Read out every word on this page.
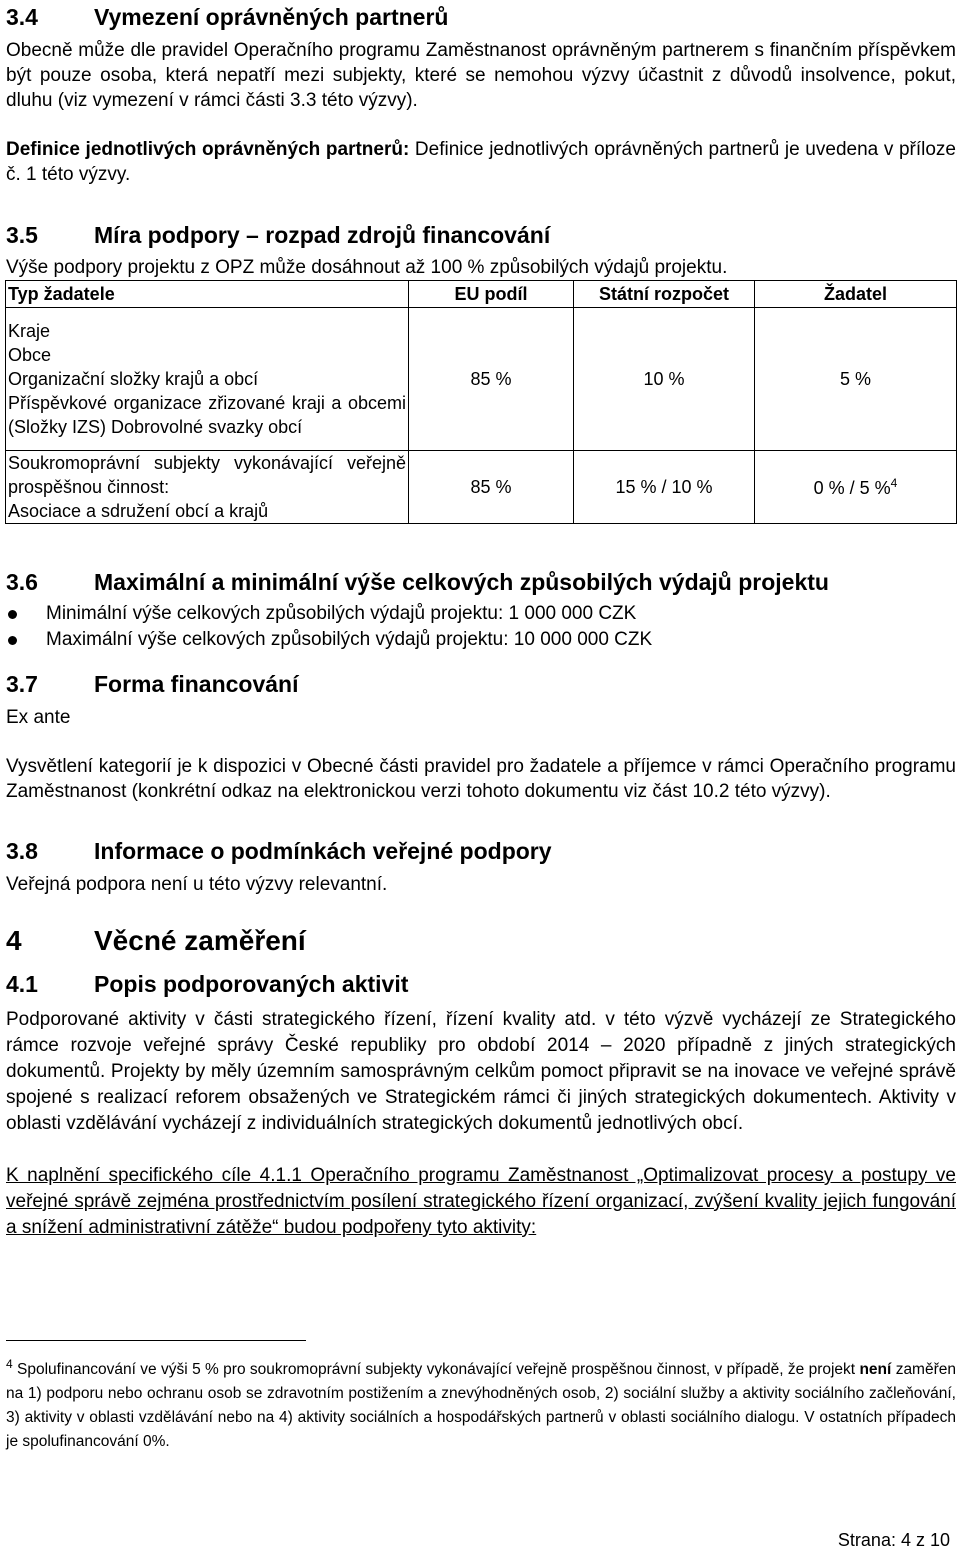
3.4 Vymezení oprávněných partnerů

Obecně může dle pravidel Operačního programu Zaměstnanost oprávněným partnerem s finančním příspěvkem být pouze osoba, která nepatří mezi subjekty, které se nemohou výzvy účastnit z důvodů insolvence, pokut, dluhu (viz vymezení v rámci části 3.3 této výzvy).

Definice jednotlivých oprávněných partnerů: Definice jednotlivých oprávněných partnerů je uvedena v příloze č. 1 této výzvy.

3.5 Míra podpory – rozpad zdrojů financování

Výše podpory projektu z OPZ může dosáhnout až 100 % způsobilých výdajů projektu.

Typ žadatele	EU podíl	Státní rozpočet	Žadatel

Kraje
Obce
Organizační složky krajů a obcí
Příspěvkové organizace zřizované kraji a obcemi (Složky IZS) Dobrovolné svazky obcí	85 %	10 %	5 %

Soukromoprávní subjekty vykonávající veřejně prospěšnou činnost:
Asociace a sdružení obcí a krajů	85 %	15 % / 10 %	0 % / 5 %$^4$
3.6 Maximální a minimální výše celkových způsobilých výdajů projektu
Minimální výše celkových způsobilých výdajů projektu: 1 000 000 CZK
Maximální výše celkových způsobilých výdajů projektu: 10 000 000 CZK
3.7 Forma financování

Ex ante

Vysvětlení kategorií je k dispozici v Obecné části pravidel pro žadatele a příjemce v rámci Operačního programu Zaměstnanost (konkrétní odkaz na elektronickou verzi tohoto dokumentu viz část 10.2 této výzvy).

3.8 Informace o podmínkách veřejné podpory

Veřejná podpora není u této výzvy relevantní.

4	Věcné zaměření
4.1 Popis podporovaných aktivit

Podporované aktivity v části strategického řízení, řízení kvality atd. v této výzvě vycházejí ze Strategického rámce rozvoje veřejné správy České republiky pro období 2014 – 2020 případně z jiných strategických dokumentů. Projekty by měly územním samosprávným celkům pomoct připravit se na inovace ve veřejné správě spojené s realizací reforem obsažených ve Strategickém rámci či jiných strategických dokumentech. Aktivity v oblasti vzdělávání vycházejí z individuálních strategických dokumentů jednotlivých obcí.

K naplnění specifického cíle 4.1.1 Operačního programu Zaměstnanost „Optimalizovat procesy a postupy ve veřejné správě zejména prostřednictvím posílení strategického řízení organizací, zvýšení kvality jejich fungování a snížení administrativní zátěže“ budou podpořeny tyto aktivity:

$^4$ Spolufinancování ve výši 5 % pro soukromoprávní subjekty vykonávající veřejně prospěšnou činnost, v případě, že projekt není zaměřen na 1) podporu nebo ochranu osob se zdravotním postižením a znevýhodněných osob, 2) sociální služby a aktivity sociálního začleňování, 3) aktivity v oblasti vzdělávání nebo na 4) aktivity sociálních a hospodářských partnerů v oblasti sociálního dialogu. V ostatních případech je spolufinancování 0%.
Strana: 4 z 10
